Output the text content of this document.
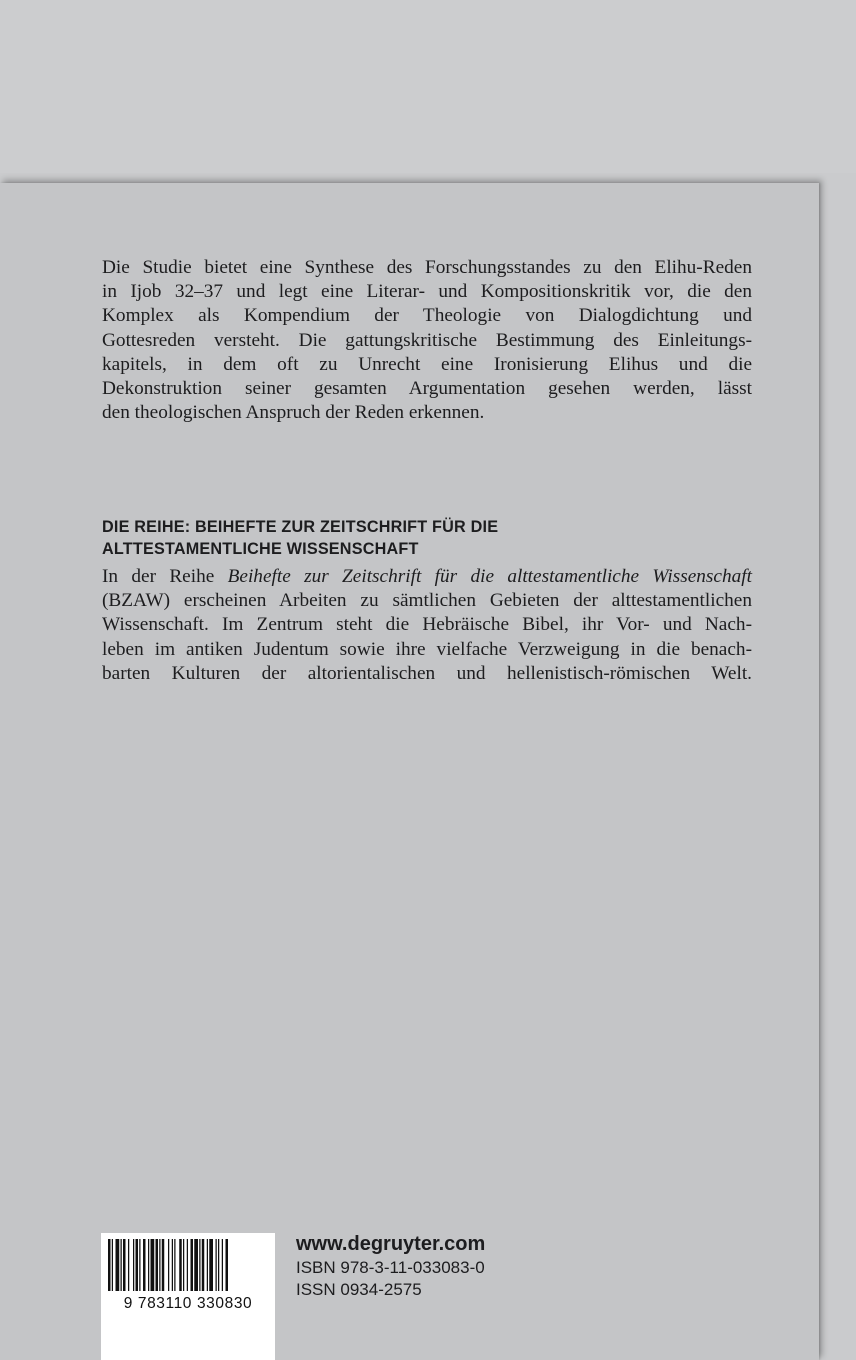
Die Studie bietet eine Synthese des Forschungsstandes zu den Elihu-Reden
in Ijob 32–37 und legt eine Literar- und Kompositionskritik vor, die den
Komplex als Kompendium der Theologie von Dialogdichtung und
Gottesreden versteht. Die gattungskritische Bestimmung des Einleitungs-
kapitels, in dem oft zu Unrecht eine Ironisierung Elihus und die
Dekonstruktion seiner gesamten Argumentation gesehen werden, lässt
den theologischen Anspruch der Reden erkennen.

DIE REIHE: BEIHEFTE ZUR ZEITSCHRIFT FÜR DIE
ALTTESTAMENTLICHE WISSENSCHAFT

In der Reihe Beihefte zur Zeitschrift für die alttestamentliche Wissenschaft
(BZAW) erscheinen Arbeiten zu sämtlichen Gebieten der alttestamentlichen
Wissenschaft. Im Zentrum steht die Hebräische Bibel, ihr Vor- und Nach-
leben im antiken Judentum sowie ihre vielfache Verzweigung in die benach-
barten Kulturen der altorientalischen und hellenistisch-römischen Welt.

9 783110 330830

www.degruyter.com
ISBN 978-3-11-033083-0
ISSN 0934-2575
